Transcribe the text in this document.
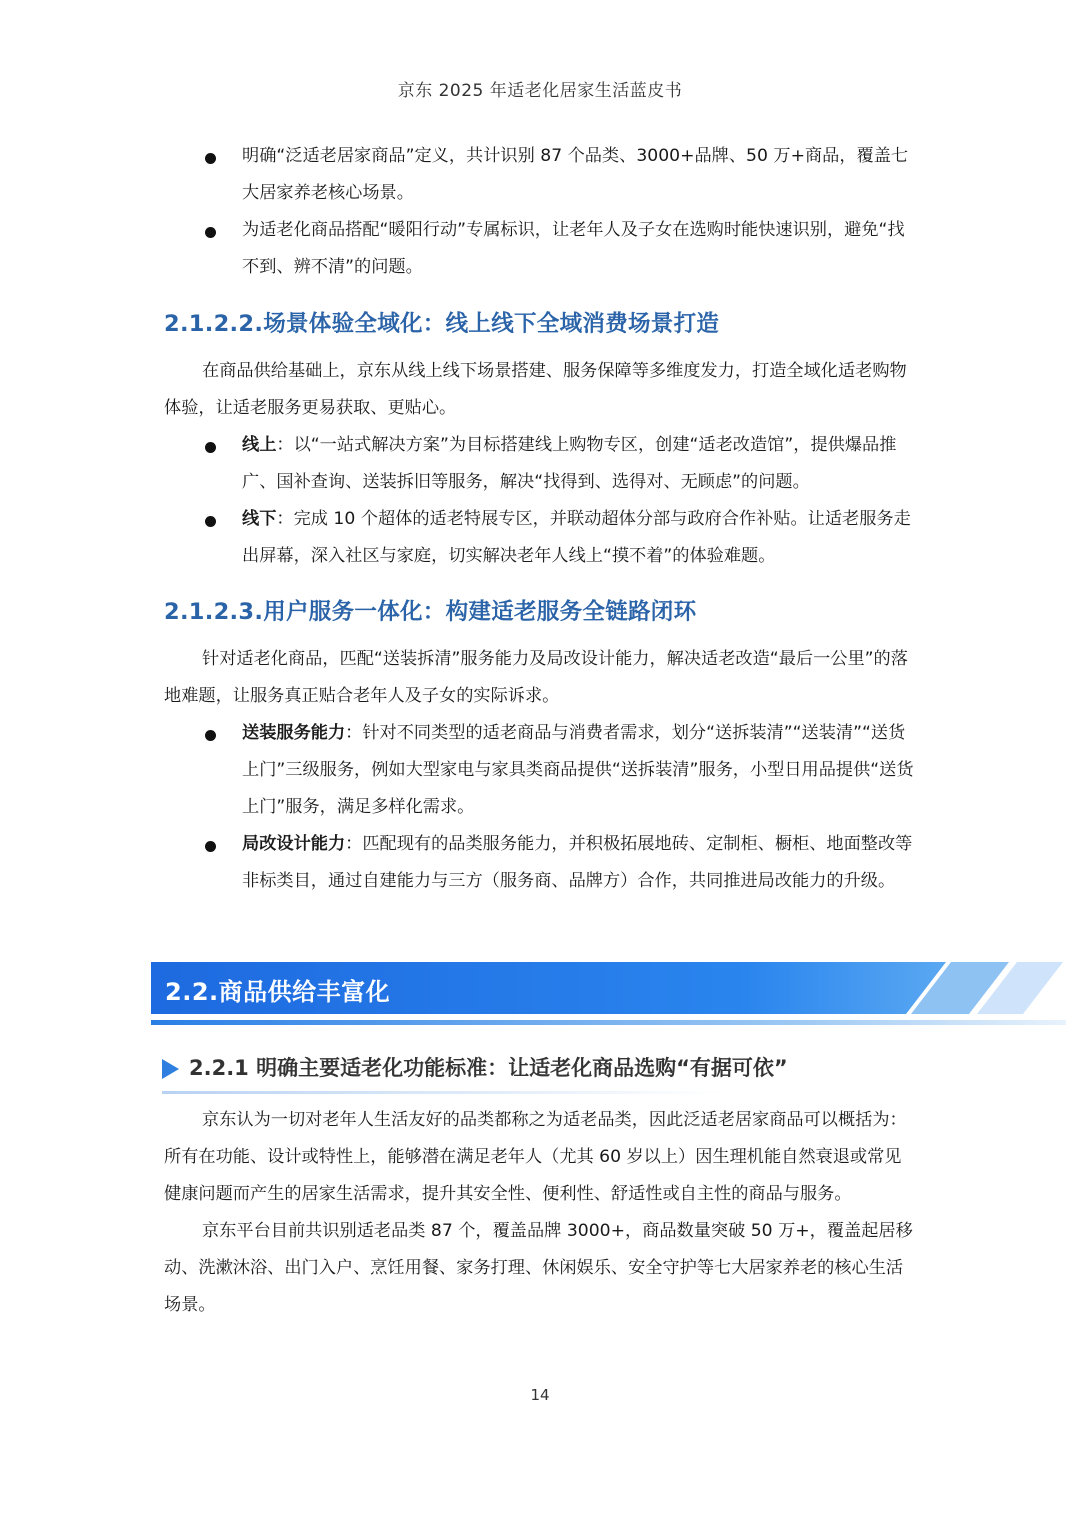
京东 2025 年适老化居家生活蓝皮书

明确“泛适老居家商品”定义，共计识别 87 个品类、3000+品牌、50 万+商品，覆盖七大居家养老核心场景。

为适老化商品搭配“暖阳行动”专属标识，让老年人及子女在选购时能快速识别，避免“找不到、辨不清”的问题。

2.1.2.2.场景体验全域化：线上线下全域消费场景打造

在商品供给基础上，京东从线上线下场景搭建、服务保障等多维度发力，打造全域化适老购物体验，让适老服务更易获取、更贴心。

线上：以“一站式解决方案”为目标搭建线上购物专区，创建“适老改造馆”，提供爆品推广、国补查询、送装拆旧等服务，解决“找得到、选得对、无顾虑”的问题。

线下：完成 10 个超体的适老特展专区，并联动超体分部与政府合作补贴。让适老服务走出屏幕，深入社区与家庭，切实解决老年人线上“摸不着”的体验难题。

2.1.2.3.用户服务一体化：构建适老服务全链路闭环

针对适老化商品，匹配“送装拆清”服务能力及局改设计能力，解决适老改造“最后一公里”的落地难题，让服务真正贴合老年人及子女的实际诉求。

送装服务能力：针对不同类型的适老商品与消费者需求，划分“送拆装清”“送装清”“送货上门”三级服务，例如大型家电与家具类商品提供“送拆装清”服务，小型日用品提供“送货上门”服务，满足多样化需求。

局改设计能力：匹配现有的品类服务能力，并积极拓展地砖、定制柜、橱柜、地面整改等非标类目，通过自建能力与三方（服务商、品牌方）合作，共同推进局改能力的升级。

2.2.商品供给丰富化
2.2.1 明确主要适老化功能标准：让适老化商品选购“有据可依”

京东认为一切对老年人生活友好的品类都称之为适老品类，因此泛适老居家商品可以概括为：所有在功能、设计或特性上，能够潜在满足老年人（尤其 60 岁以上）因生理机能自然衰退或常见健康问题而产生的居家生活需求，提升其安全性、便利性、舒适性或自主性的商品与服务。

京东平台目前共识别适老品类 87 个，覆盖品牌 3000+，商品数量突破 50 万+，覆盖起居移动、洗漱沐浴、出门入户、烹饪用餐、家务打理、休闲娱乐、安全守护等七大居家养老的核心生活场景。

14
